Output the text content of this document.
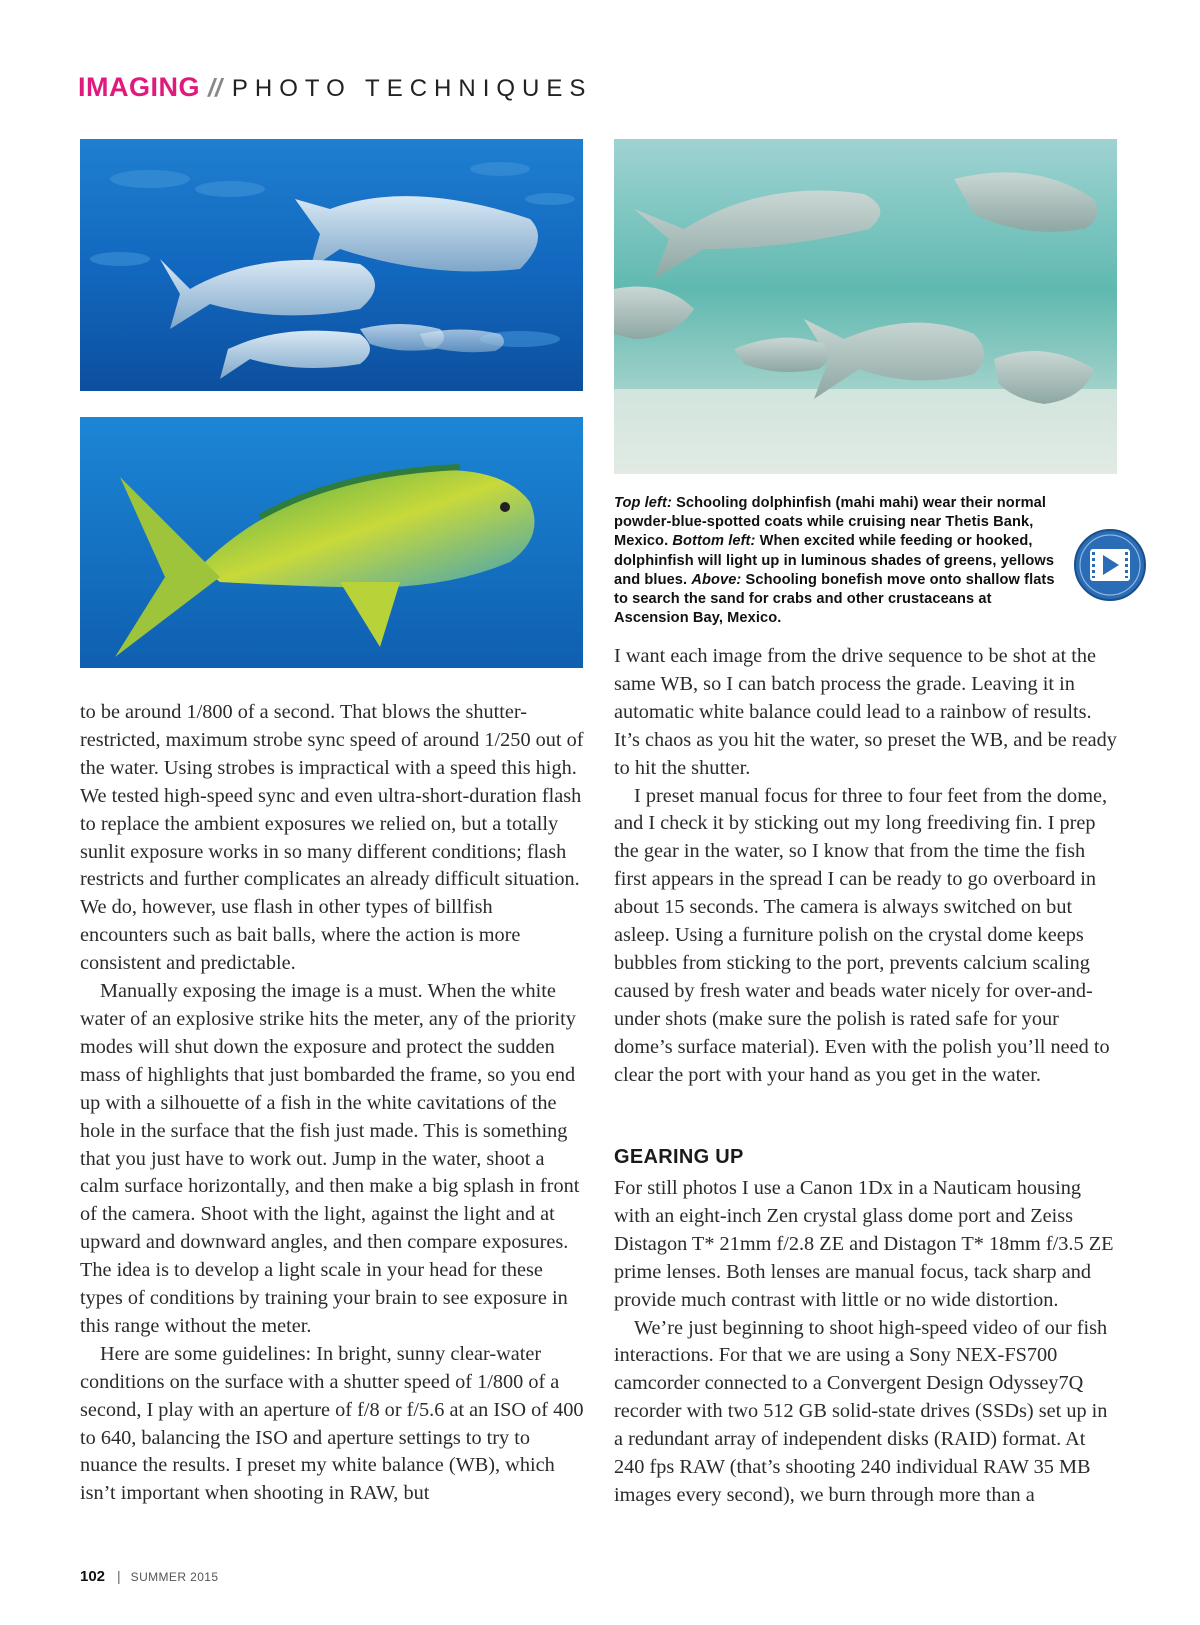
IMAGING // PHOTO TECHNIQUES
Top left: Schooling dolphinfish (mahi mahi) wear their normal powder-blue-spotted coats while cruising near Thetis Bank, Mexico. Bottom left: When excited while feeding or hooked, dolphinfish will light up in luminous shades of greens, yellows and blues. Above: Schooling bonefish move onto shallow flats to search the sand for crabs and other crustaceans at Ascension Bay, Mexico.

to be around 1/800 of a second. That blows the shutter-restricted, maximum strobe sync speed of around 1/250 out of the water. Using strobes is impractical with a speed this high. We tested high-speed sync and even ultra-short-duration flash to replace the ambient exposures we relied on, but a totally sunlit exposure works in so many different conditions; flash restricts and further complicates an already difficult situation. We do, however, use flash in other types of billfish encounters such as bait balls, where the action is more consistent and predictable.

Manually exposing the image is a must. When the white water of an explosive strike hits the meter, any of the priority modes will shut down the exposure and protect the sudden mass of highlights that just bombarded the frame, so you end up with a silhouette of a fish in the white cavitations of the hole in the surface that the fish just made. This is something that you just have to work out. Jump in the water, shoot a calm surface horizontally, and then make a big splash in front of the camera. Shoot with the light, against the light and at upward and downward angles, and then compare exposures. The idea is to develop a light scale in your head for these types of conditions by training your brain to see exposure in this range without the meter.

Here are some guidelines: In bright, sunny clear-water conditions on the surface with a shutter speed of 1/800 of a second, I play with an aperture of f/8 or f/5.6 at an ISO of 400 to 640, balancing the ISO and aperture settings to try to nuance the results. I preset my white balance (WB), which isn’t important when shooting in RAW, but

I want each image from the drive sequence to be shot at the same WB, so I can batch process the grade. Leaving it in automatic white balance could lead to a rainbow of results. It’s chaos as you hit the water, so preset the WB, and be ready to hit the shutter.

I preset manual focus for three to four feet from the dome, and I check it by sticking out my long freediving fin. I prep the gear in the water, so I know that from the time the fish first appears in the spread I can be ready to go overboard in about 15 seconds. The camera is always switched on but asleep. Using a furniture polish on the crystal dome keeps bubbles from sticking to the port, prevents calcium scaling caused by fresh water and beads water nicely for over-and-under shots (make sure the polish is rated safe for your dome’s surface material). Even with the polish you’ll need to clear the port with your hand as you get in the water.

GEARING UP

For still photos I use a Canon 1Dx in a Nauticam housing with an eight-inch Zen crystal glass dome port and Zeiss Distagon T* 21mm f/2.8 ZE and Distagon T* 18mm f/3.5 ZE prime lenses. Both lenses are manual focus, tack sharp and provide much contrast with little or no wide distortion.

We’re just beginning to shoot high-speed video of our fish interactions. For that we are using a Sony NEX-FS700 camcorder connected to a Convergent Design Odyssey7Q recorder with two 512 GB solid-state drives (SSDs) set up in a redundant array of independent disks (RAID) format. At 240 fps RAW (that’s shooting 240 individual RAW 35 MB images every second), we burn through more than a

102 | SUMMER 2015
